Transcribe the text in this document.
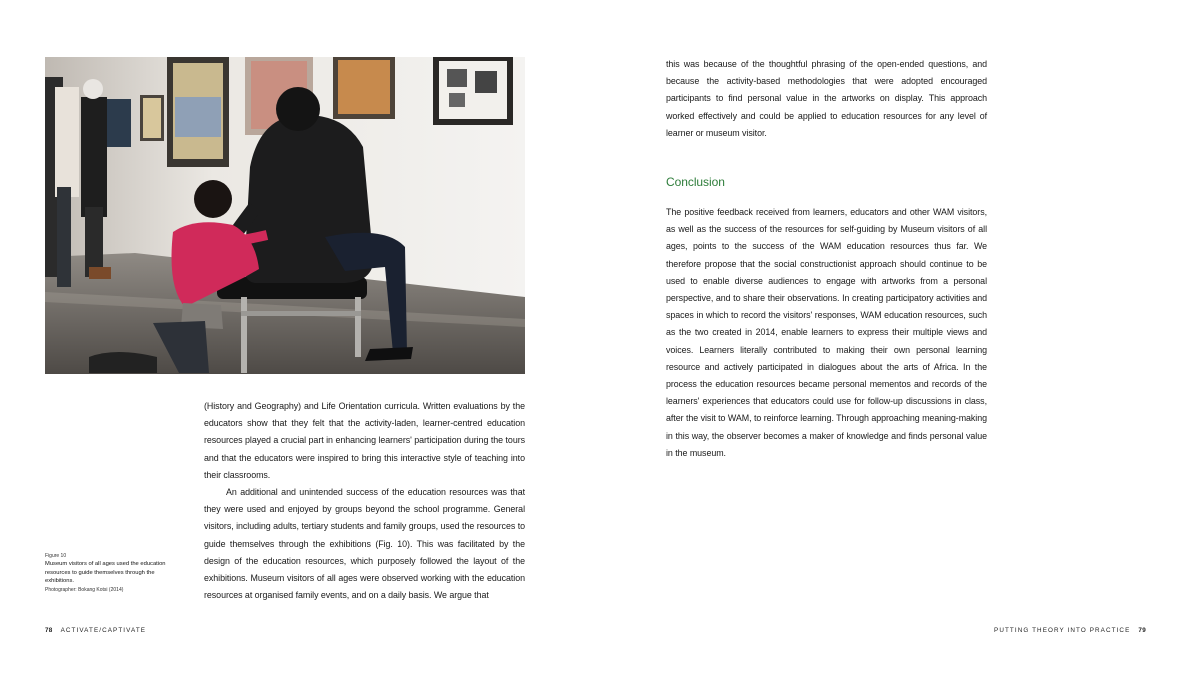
Figure 10
Museum visitors of all ages used the education resources to guide themselves through the exhibitions.
Photographer: Bokang Kotsi (2014)

(History and Geography) and Life Orientation curricula. Written evaluations by the educators show that they felt that the activity-laden, learner-centred education resources played a crucial part in enhancing learners' participation during the tours and that the educators were inspired to bring this interactive style of teaching into their classrooms.

An additional and unintended success of the education resources was that they were used and enjoyed by groups beyond the school programme. General visitors, including adults, tertiary students and family groups, used the resources to guide themselves through the exhibitions (Fig. 10). This was facilitated by the design of the education resources, which purposely followed the layout of the exhibitions. Museum visitors of all ages were observed working with the education resources at organised family events, and on a daily basis. We argue that

this was because of the thoughtful phrasing of the open-ended questions, and because the activity-based methodologies that were adopted encouraged participants to find personal value in the artworks on display. This approach worked effectively and could be applied to education resources for any level of learner or museum visitor.

Conclusion

The positive feedback received from learners, educators and other WAM visitors, as well as the success of the resources for self-guiding by Museum visitors of all ages, points to the success of the WAM education resources thus far. We therefore propose that the social constructionist approach should continue to be used to enable diverse audiences to engage with artworks from a personal perspective, and to share their observations. In creating participatory activities and spaces in which to record the visitors' responses, WAM education resources, such as the two created in 2014, enable learners to express their multiple views and voices. Learners literally contributed to making their own personal learning resource and actively participated in dialogues about the arts of Africa. In the process the education resources became personal mementos and records of the learners' experiences that educators could use for follow-up discussions in class, after the visit to WAM, to reinforce learning. Through approaching meaning-making in this way, the observer becomes a maker of knowledge and finds personal value in the museum.

78 ACTIVATE/CAPTIVATE	PUTTING THEORY INTO PRACTICE 79
